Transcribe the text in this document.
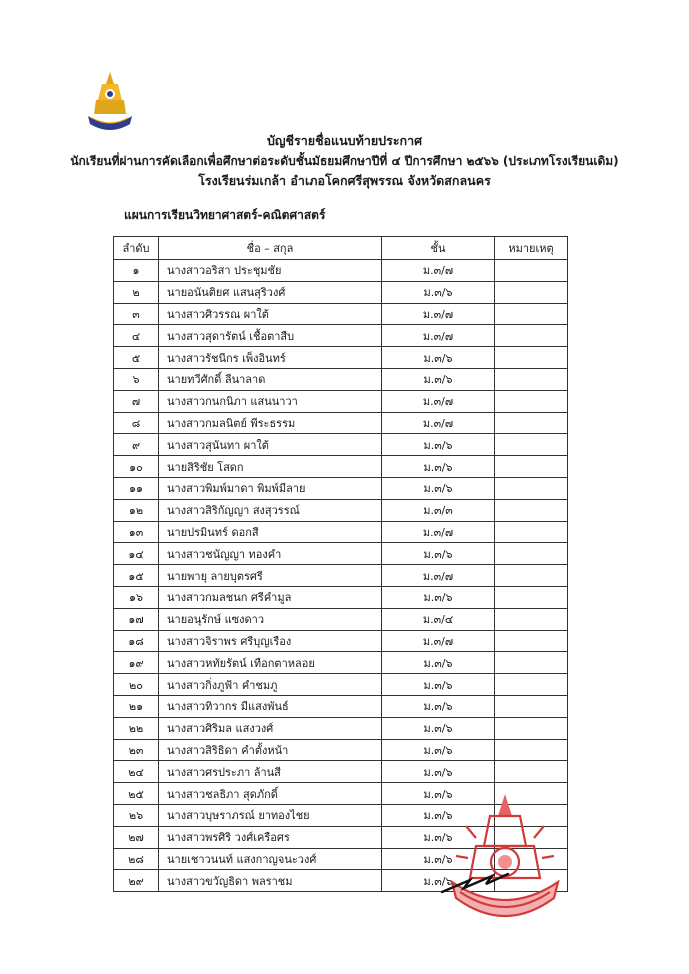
บัญชีรายชื่อแนบท้ายประกาศ
นักเรียนที่ผ่านการคัดเลือกเพื่อศึกษาต่อระดับชั้นมัธยมศึกษาปีที่ ๔ ปีการศึกษา ๒๕๖๖ (ประเภทโรงเรียนเดิม)
โรงเรียนร่มเกล้า อำเภอโคกศรีสุพรรณ จังหวัดสกลนคร
แผนการเรียนวิทยาศาสตร์-คณิตศาสตร์
ลำดับ	ชื่อ – สกุล	ชั้น	หมายเหตุ
๑	นางสาวอริสา ประชุมชัย	ม.๓/๗	
๒	นายอนันติยศ แสนสุริวงศ์	ม.๓/๖	
๓	นางสาวศิวรรณ ผาใต้	ม.๓/๗	
๔	นางสาวสุดารัตน์ เชื้อตาสืบ	ม.๓/๗	
๕	นางสาวรัชนีกร เพ็งอินทร์	ม.๓/๖	
๖	นายทวีศักดิ์ ลีนาลาด	ม.๓/๖	
๗	นางสาวกนกนิภา แสนนาวา	ม.๓/๗	
๘	นางสาวกมลนิตย์ พีระธรรม	ม.๓/๗	
๙	นางสาวสุนันทา ผาใต้	ม.๓/๖	
๑๐	นายสิริชัย โสดก	ม.๓/๖	
๑๑	นางสาวพิมพ์มาดา พิมพ์มีลาย	ม.๓/๖	
๑๒	นางสาวสิริกัญญา สงสุวรรณ์	ม.๓/๓	
๑๓	นายปรมินทร์ ดอกสี	ม.๓/๗	
๑๔	นางสาวชนัญญา ทองคำ	ม.๓/๖	
๑๕	นายพายุ ลายบุตรศรี	ม.๓/๗	
๑๖	นางสาวกมลชนก ศรีคำมูล	ม.๓/๖	
๑๗	นายอนุรักษ์ แซงดาว	ม.๓/๔	
๑๘	นางสาวจิราพร ศรีบุญเรือง	ม.๓/๗	
๑๙	นางสาวหทัยรัตน์ เทือกตาหลอย	ม.๓/๖	
๒๐	นางสาวกิ่งภูฟ้า คำชมภู	ม.๓/๖	
๒๑	นางสาวทิวากร มีแสงพันธ์	ม.๓/๖	
๒๒	นางสาวศิริมล แสงวงศ์	ม.๓/๖	
๒๓	นางสาวสิริธิดา คำตั้งหน้า	ม.๓/๖	
๒๔	นางสาวศรประภา ล้านสี	ม.๓/๖	
๒๕	นางสาวชลธิภา สุดภักดิ์	ม.๓/๖	
๒๖	นางสาวบุษราภรณ์ ยาทองไชย	ม.๓/๖	
๒๗	นางสาวพรศิริ วงศ์เครือศร	ม.๓/๖	
๒๘	นายเชาวนนท์ แสงกาญจนะวงศ์	ม.๓/๖	
๒๙	นางสาวขวัญธิดา พลราชม	ม.๓/๖	
